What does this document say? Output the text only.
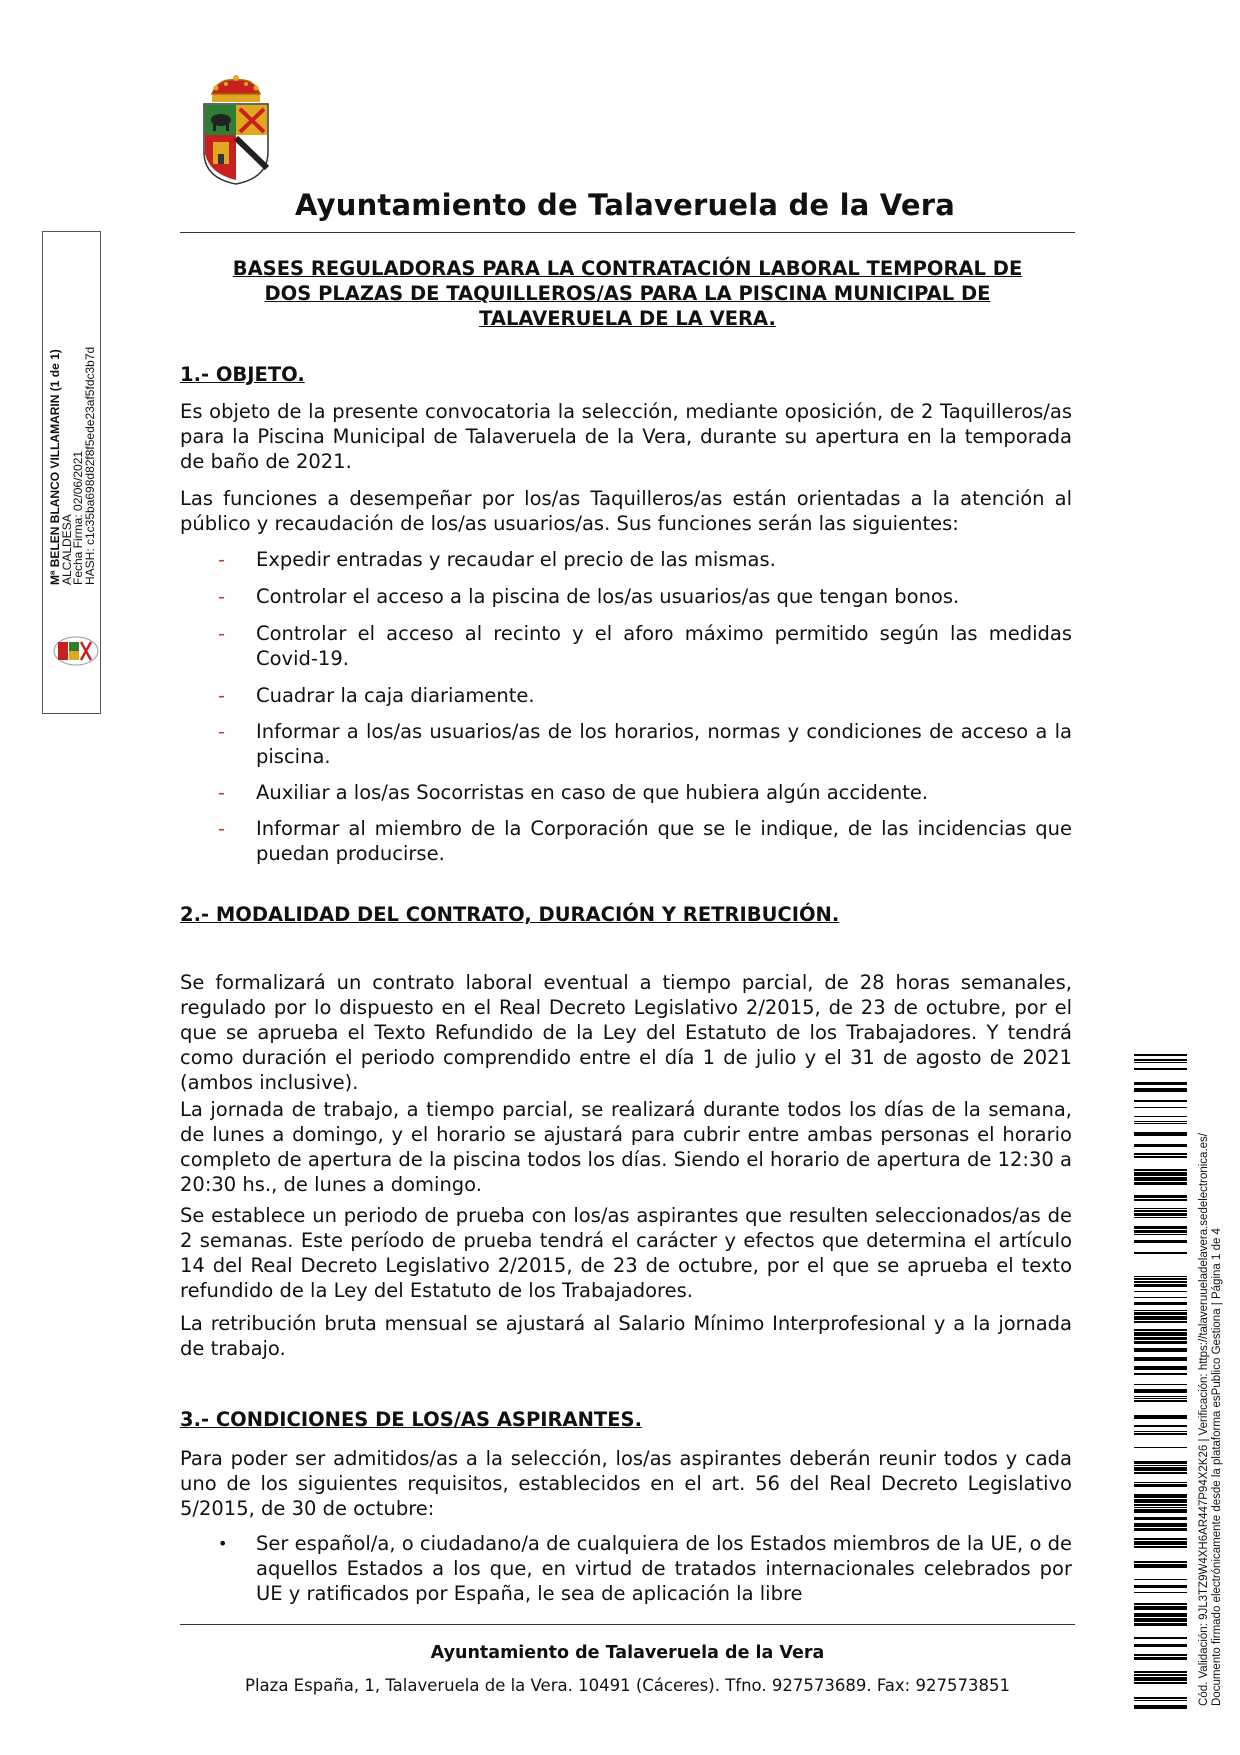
Ayuntamiento de Talaveruela de la Vera
BASES REGULADORAS PARA LA CONTRATACIÓN LABORAL TEMPORAL DE
DOS PLAZAS DE TAQUILLEROS/AS PARA LA PISCINA MUNICIPAL DE
TALAVERUELA DE LA VERA.
1.- OBJETO.
Es objeto de la presente convocatoria la selección, mediante oposición, de 2 Taquilleros/as para la Piscina Municipal de Talaveruela de la Vera, durante su apertura en la temporada de baño de 2021.
Las funciones a desempeñar por los/as Taquilleros/as están orientadas a la atención al público y recaudación de los/as usuarios/as. Sus funciones serán las siguientes:
- Expedir entradas y recaudar el precio de las mismas.
- Controlar el acceso a la piscina de los/as usuarios/as que tengan bonos.
- Controlar el acceso al recinto y el aforo máximo permitido según las medidas Covid-19.
- Cuadrar la caja diariamente.
- Informar a los/as usuarios/as de los horarios, normas y condiciones de acceso a la piscina.
- Auxiliar a los/as Socorristas en caso de que hubiera algún accidente.
- Informar al miembro de la Corporación que se le indique, de las incidencias que puedan producirse.
2.- MODALIDAD DEL CONTRATO, DURACIÓN Y RETRIBUCIÓN.
Se formalizará un contrato laboral eventual a tiempo parcial, de 28 horas semanales, regulado por lo dispuesto en el Real Decreto Legislativo 2/2015, de 23 de octubre, por el que se aprueba el Texto Refundido de la Ley del Estatuto de los Trabajadores. Y tendrá como duración el periodo comprendido entre el día 1 de julio y el 31 de agosto de 2021 (ambos inclusive).
La jornada de trabajo, a tiempo parcial, se realizará durante todos los días de la semana, de lunes a domingo, y el horario se ajustará para cubrir entre ambas personas el horario completo de apertura de la piscina todos los días. Siendo el horario de apertura de 12:30 a 20:30 hs., de lunes a domingo.
Se establece un periodo de prueba con los/as aspirantes que resulten seleccionados/as de 2 semanas. Este período de prueba tendrá el carácter y efectos que determina el artículo 14 del Real Decreto Legislativo 2/2015, de 23 de octubre, por el que se aprueba el texto refundido de la Ley del Estatuto de los Trabajadores.
La retribución bruta mensual se ajustará al Salario Mínimo Interprofesional y a la jornada de trabajo.
3.- CONDICIONES DE LOS/AS ASPIRANTES.
Para poder ser admitidos/as a la selección, los/as aspirantes deberán reunir todos y cada uno de los siguientes requisitos, establecidos en el art. 56 del Real Decreto Legislativo 5/2015, de 30 de octubre:
• Ser español/a, o ciudadano/a de cualquiera de los Estados miembros de la UE, o de aquellos Estados a los que, en virtud de tratados internacionales celebrados por UE y ratificados por España, le sea de aplicación la libre
Ayuntamiento de Talaveruela de la Vera
Plaza España, 1, Talaveruela de la Vera. 10491 (Cáceres). Tfno. 927573689. Fax: 927573851
Mª BELEN BLANCO VILLAMARIN (1 de 1)
ALCALDESA
Fecha Firma: 02/06/2021
HASH: c1c35ba698d82f8f5ede23af5fdc3b7d
Cód. Validación: 9JL3TZ9W4XH6AR447P94X2K26 | Verificación: https://talaveruueladelavera.sedelectronica.es/ Documento firmado electrónicamente desde la plataforma esPublico Gestiona | Página 1 de 4
